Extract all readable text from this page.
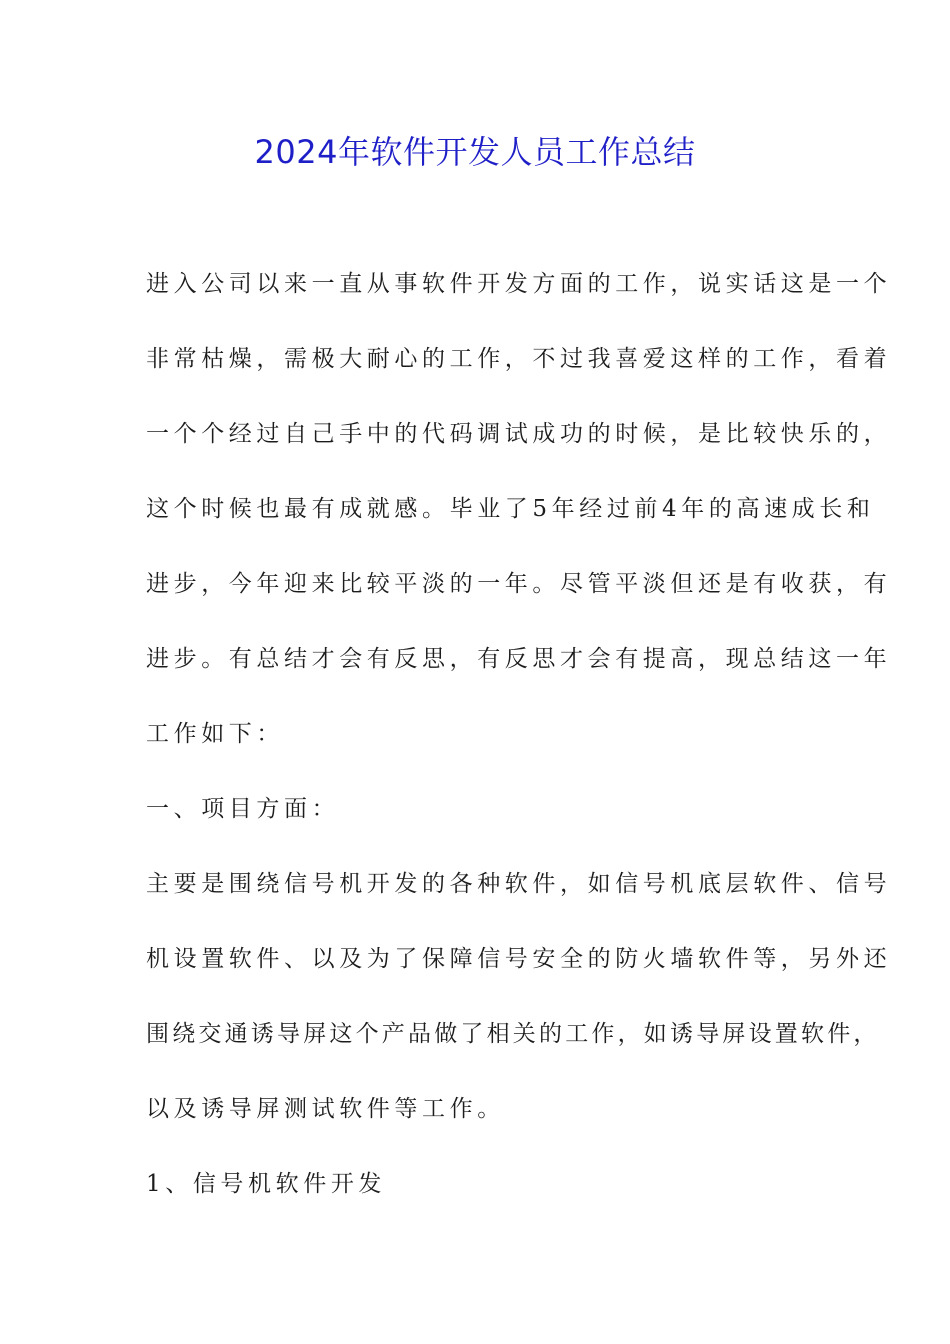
2024年软件开发人员工作总结
进入公司以来一直从事软件开发方面的工作，说实话这是一个
非常枯燥，需极大耐心的工作，不过我喜爱这样的工作，看着
一个个经过自己手中的代码调试成功的时候，是比较快乐的，
这个时候也最有成就感。毕业了5年经过前4年的高速成长和
进步，今年迎来比较平淡的一年。尽管平淡但还是有收获，有
进步。有总结才会有反思，有反思才会有提高，现总结这一年
工作如下：
一、项目方面：
主要是围绕信号机开发的各种软件，如信号机底层软件、信号
机设置软件、以及为了保障信号安全的防火墙软件等，另外还
围绕交通诱导屏这个产品做了相关的工作，如诱导屏设置软件，
以及诱导屏测试软件等工作。
1、信号机软件开发
